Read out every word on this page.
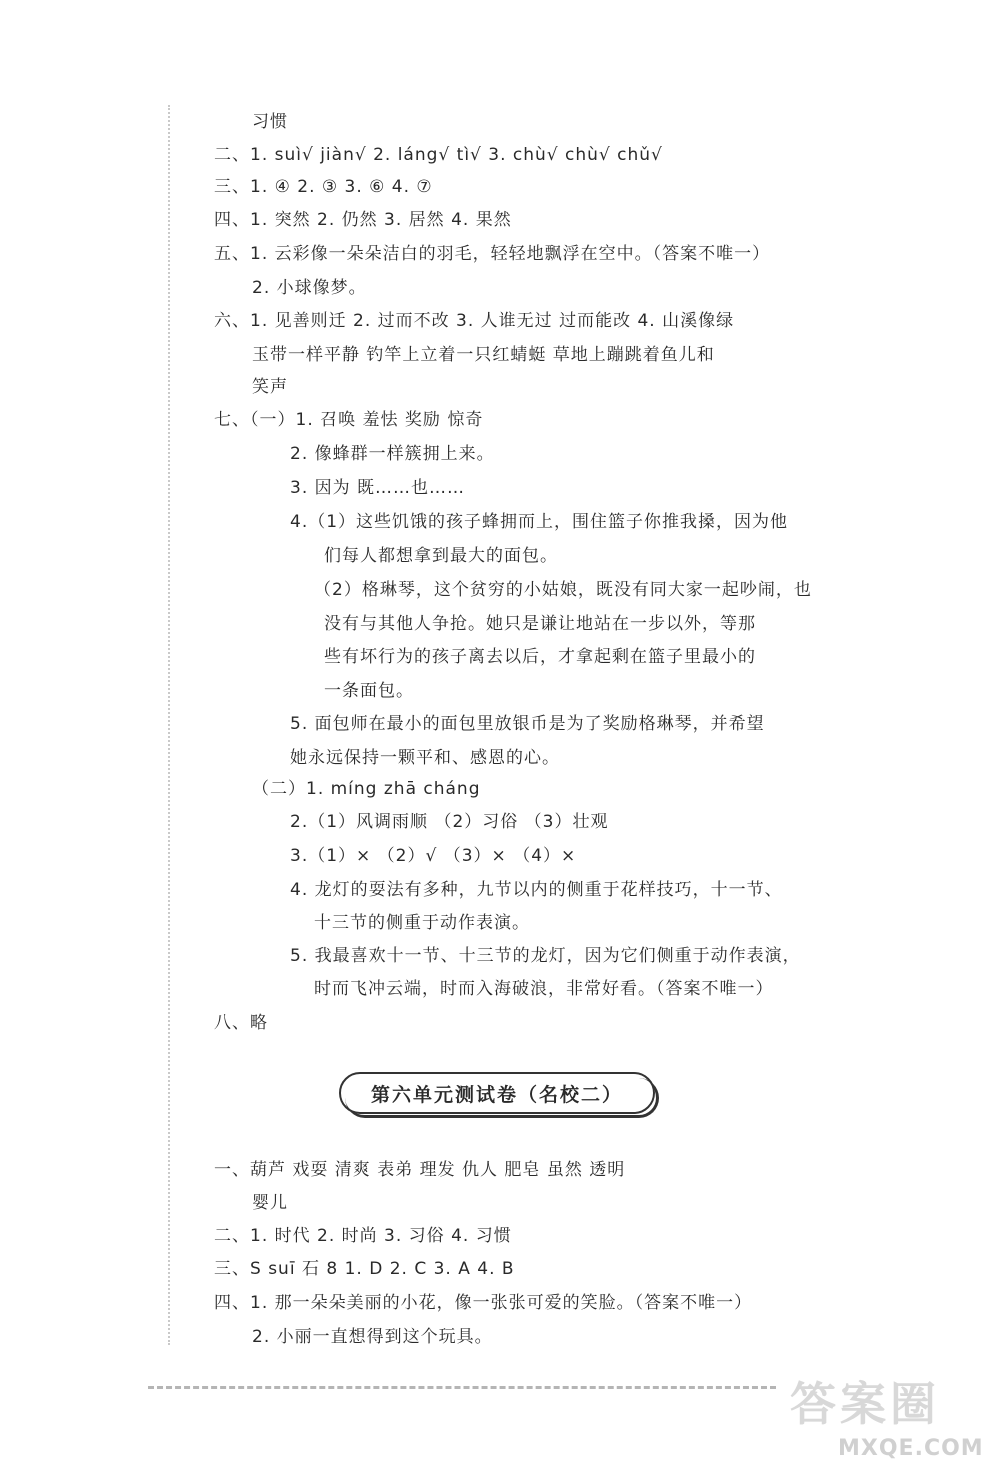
习惯
二、1. suì√ jiàn√ 2. láng√ tì√ 3. chù√ chù√ chǔ√
三、1. ④ 2. ③ 3. ⑥ 4. ⑦
四、1. 突然 2. 仍然 3. 居然 4. 果然
五、1. 云彩像一朵朵洁白的羽毛，轻轻地飘浮在空中。（答案不唯一）
2. 小球像梦。
六、1. 见善则迁 2. 过而不改 3. 人谁无过 过而能改 4. 山溪像绿
玉带一样平静 钓竿上立着一只红蜻蜓 草地上蹦跳着鱼儿和
笑声
七、（一）1. 召唤 羞怯 奖励 惊奇
2. 像蜂群一样簇拥上来。
3. 因为 既……也……
4.（1）这些饥饿的孩子蜂拥而上，围住篮子你推我搡，因为他
们每人都想拿到最大的面包。
（2）格琳琴，这个贫穷的小姑娘，既没有同大家一起吵闹，也
没有与其他人争抢。她只是谦让地站在一步以外，等那
些有坏行为的孩子离去以后，才拿起剩在篮子里最小的
一条面包。
5. 面包师在最小的面包里放银币是为了奖励格琳琴，并希望
她永远保持一颗平和、感恩的心。
（二）1. míng zhā cháng
2.（1）风调雨顺 （2）习俗 （3）壮观
3.（1）× （2）√ （3）× （4）×
4. 龙灯的耍法有多种，九节以内的侧重于花样技巧，十一节、
十三节的侧重于动作表演。
5. 我最喜欢十一节、十三节的龙灯，因为它们侧重于动作表演，
时而飞冲云端，时而入海破浪，非常好看。（答案不唯一）
八、略
第六单元测试卷（名校二）
一、葫芦 戏耍 清爽 表弟 理发 仇人 肥皂 虽然 透明
婴儿
二、1. 时代 2. 时尚 3. 习俗 4. 习惯
三、S suī 石 8 1. D 2. C 3. A 4. B
四、1. 那一朵朵美丽的小花，像一张张可爱的笑脸。（答案不唯一）
2. 小丽一直想得到这个玩具。
答案圈
MXQE.COM
